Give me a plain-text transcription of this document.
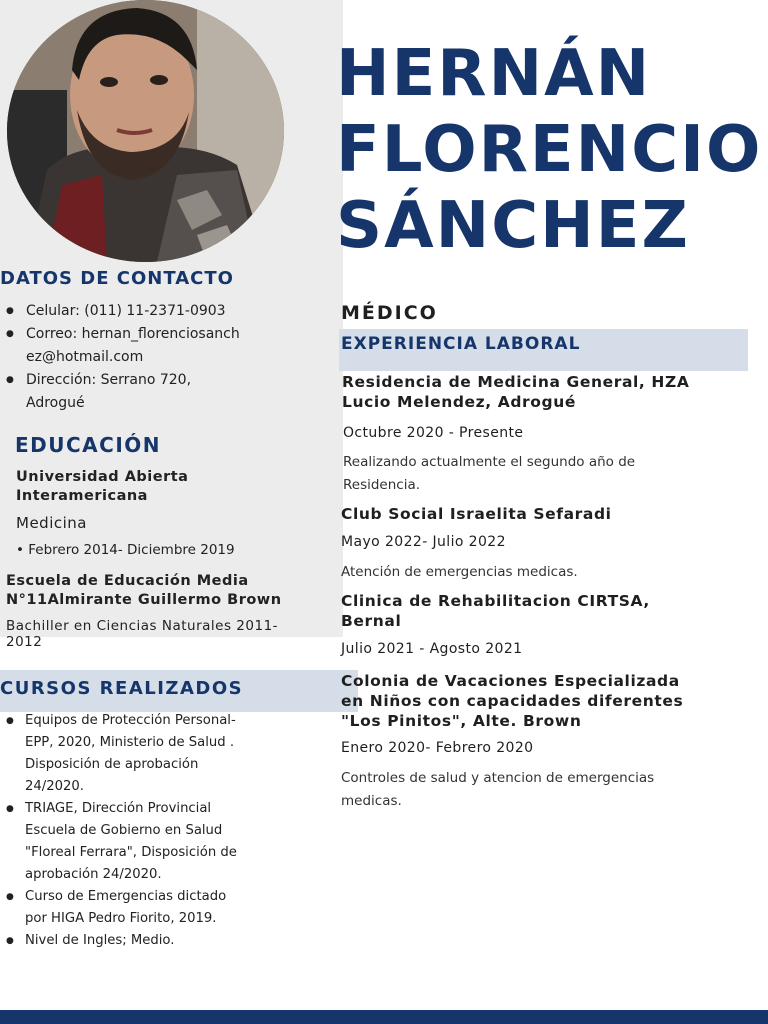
HERNÁN
FLORENCIO
SÁNCHEZ
DATOS DE CONTACTO
● Celular: (011) 11-2371-0903
● Correo: hernan_florenciosanchez@hotmail.com
● Dirección: Serrano 720, Adrogué
EDUCACIÓN

Universidad Abierta Interamericana

Medicina

• Febrero 2014- Diciembre 2019

Escuela de Educación Media N°11Almirante Guillermo Brown

Bachiller en Ciencias Naturales 2011-2012

CURSOS REALIZADOS
● Equipos de Protección Personal- EPP, 2020, Ministerio de Salud . Disposición de aprobación 24/2020.
● TRIAGE, Dirección Provincial Escuela de Gobierno en Salud "Floreal Ferrara", Disposición de aprobación 24/2020.
● Curso de Emergencias dictado por HIGA Pedro Fiorito, 2019.
● Nivel de Ingles; Medio.
MÉDICO
EXPERIENCIA LABORAL

Residencia de Medicina General, HZA Lucio Melendez, Adrogué

Octubre 2020 - Presente

Realizando actualmente el segundo año de Residencia.

Club Social Israelita Sefaradi

Mayo 2022- Julio 2022

Atención de emergencias medicas.

Clinica de Rehabilitacion CIRTSA, Bernal

Julio 2021 - Agosto 2021

Colonia de Vacaciones Especializada en Niños con capacidades diferentes "Los Pinitos", Alte. Brown

Enero 2020- Febrero 2020

Controles de salud y atencion de emergencias medicas.
